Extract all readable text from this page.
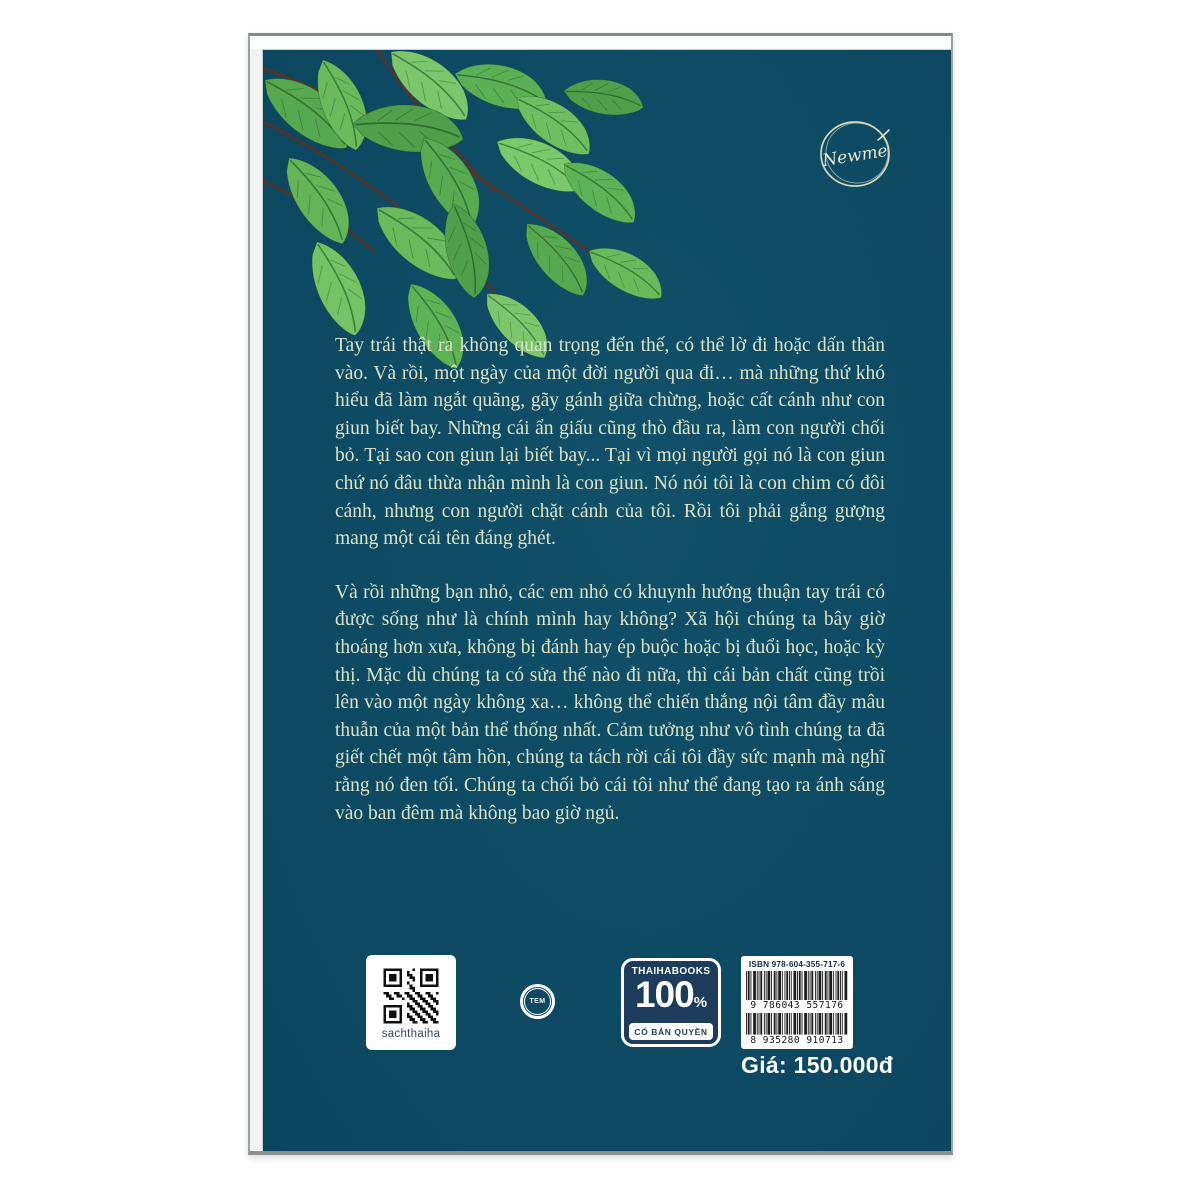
Newme

Tay trái thật ra không quan trọng đến thế, có thể lờ đi hoặc dấn thân vào. Và rồi, một ngày của một đời người qua đi… mà những thứ khó hiểu đã làm ngắt quãng, gãy gánh giữa chừng, hoặc cất cánh như con giun biết bay. Những cái ẩn giấu cũng thò đầu ra, làm con người chối bỏ. Tại sao con giun lại biết bay... Tại vì mọi người gọi nó là con giun chứ nó đâu thừa nhận mình là con giun. Nó nói tôi là con chim có đôi cánh, nhưng con người chặt cánh của tôi. Rồi tôi phải gắng gượng mang một cái tên đáng ghét.

Và rồi những bạn nhỏ, các em nhỏ có khuynh hướng thuận tay trái có được sống như là chính mình hay không? Xã hội chúng ta bây giờ thoáng hơn xưa, không bị đánh hay ép buộc hoặc bị đuổi học, hoặc kỳ thị. Mặc dù chúng ta có sửa thế nào đi nữa, thì cái bản chất cũng trồi lên vào một ngày không xa… không thể chiến thắng nội tâm đầy mâu thuẫn của một bản thể thống nhất. Cảm tưởng như vô tình chúng ta đã giết chết một tâm hồn, chúng ta tách rời cái tôi đầy sức mạnh mà nghĩ rằng nó đen tối. Chúng ta chối bỏ cái tôi như thể đang tạo ra ánh sáng vào ban đêm mà không bao giờ ngủ.

sachthaiha
TEM
THAIHABOOKS
100 %
CÓ BẢN QUYỀN
ISBN 978-604-355-717-6
9 786043 557176
8 935280 910713
Giá: 150.000đ
